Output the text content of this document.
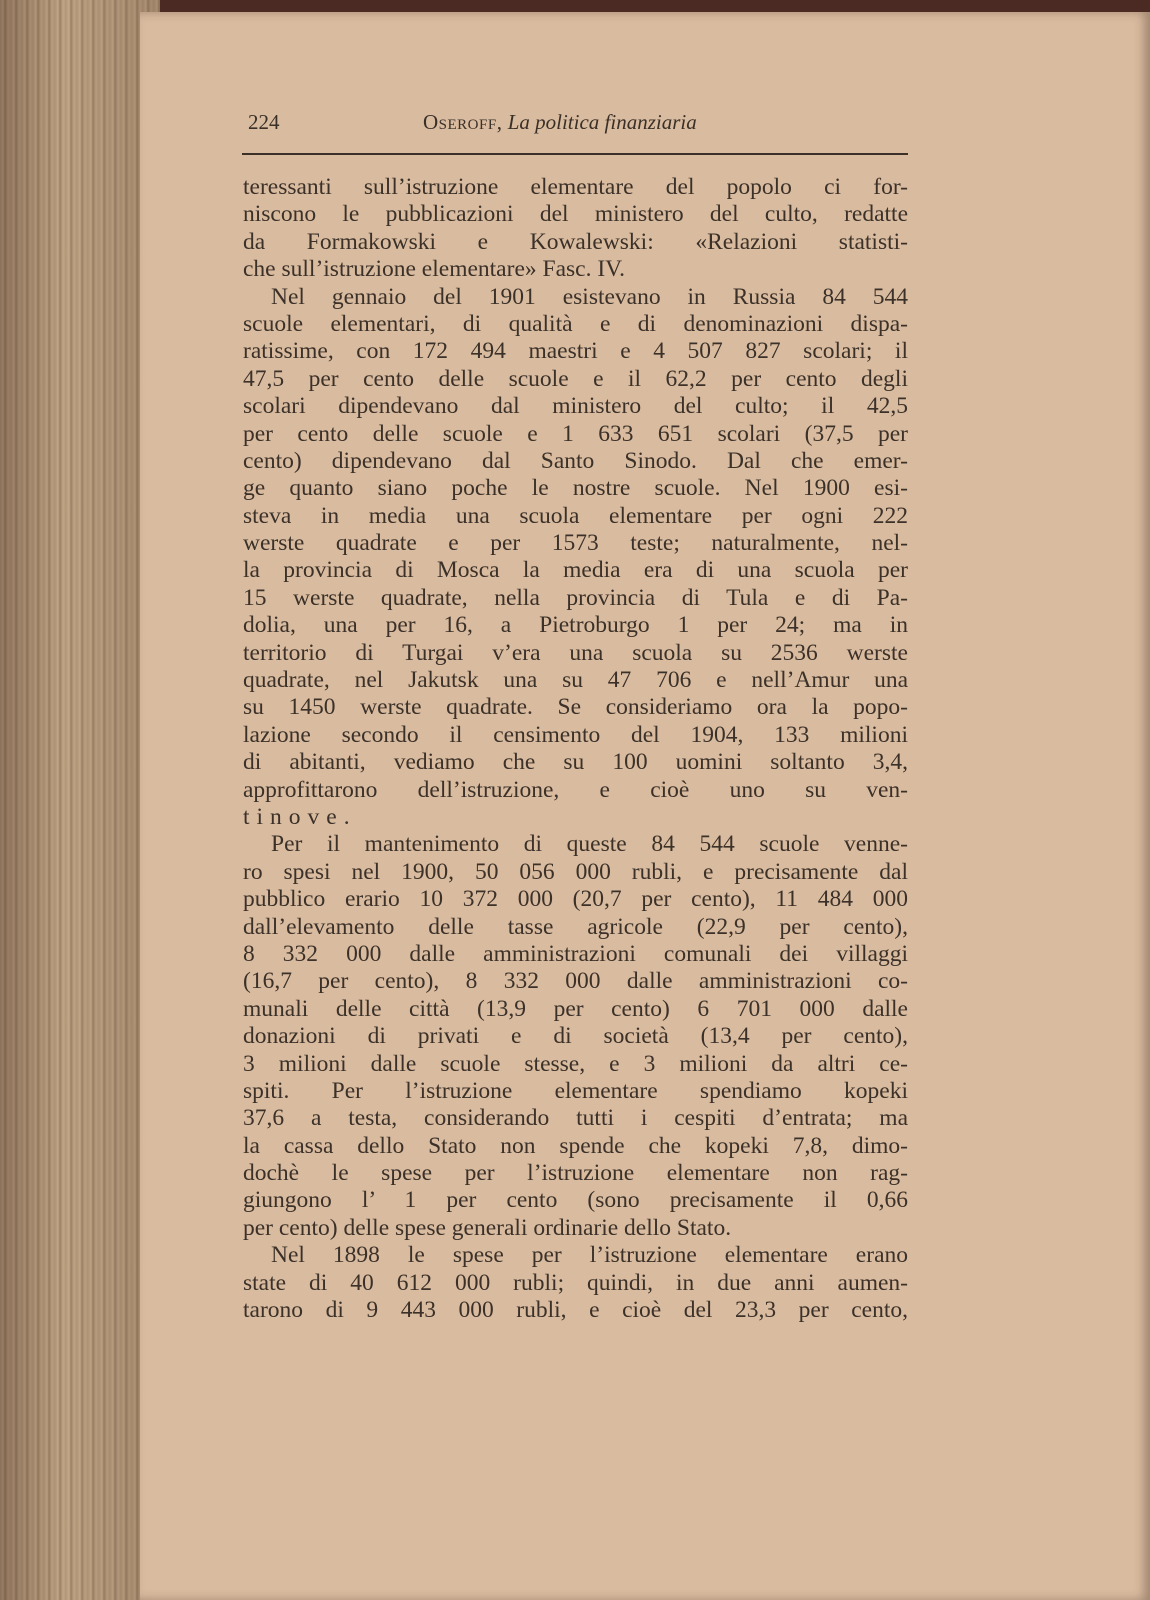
224	Oseroff, La politica finanziaria
teressanti sull’istruzione elementare del popolo ci for-
niscono le pubblicazioni del ministero del culto, redatte
da Formakowski e Kowalewski: «Relazioni statisti-
che sull’istruzione elementare» Fasc. IV.
Nel gennaio del 1901 esistevano in Russia 84 544
scuole elementari, di qualità e di denominazioni dispa-
ratissime, con 172 494 maestri e 4 507 827 scolari; il
47,5 per cento delle scuole e il 62,2 per cento degli
scolari dipendevano dal ministero del culto; il 42,5
per cento delle scuole e 1 633 651 scolari (37,5 per
cento) dipendevano dal Santo Sinodo. Dal che emer-
ge quanto siano poche le nostre scuole. Nel 1900 esi-
steva in media una scuola elementare per ogni 222
werste quadrate e per 1573 teste; naturalmente, nel-
la provincia di Mosca la media era di una scuola per
15 werste quadrate, nella provincia di Tula e di Pa-
dolia, una per 16, a Pietroburgo 1 per 24; ma in
territorio di Turgai v’era una scuola su 2536 werste
quadrate, nel Jakutsk una su 47 706 e nell’Amur una
su 1450 werste quadrate. Se consideriamo ora la popo-
lazione secondo il censimento del 1904, 133 milioni
di abitanti, vediamo che su 100 uomini soltanto 3,4,
approfittarono dell’istruzione, e cioè uno su ven-
tinove.
Per il mantenimento di queste 84 544 scuole venne-
ro spesi nel 1900, 50 056 000 rubli, e precisamente dal
pubblico erario 10 372 000 (20,7 per cento), 11 484 000
dall’elevamento delle tasse agricole (22,9 per cento),
8 332 000 dalle amministrazioni comunali dei villaggi
(16,7 per cento), 8 332 000 dalle amministrazioni co-
munali delle città (13,9 per cento) 6 701 000 dalle
donazioni di privati e di società (13,4 per cento),
3 milioni dalle scuole stesse, e 3 milioni da altri ce-
spiti. Per l’istruzione elementare spendiamo kopeki
37,6 a testa, considerando tutti i cespiti d’entrata; ma
la cassa dello Stato non spende che kopeki 7,8, dimo-
dochè le spese per l’istruzione elementare non rag-
giungono l’ 1 per cento (sono precisamente il 0,66
per cento) delle spese generali ordinarie dello Stato.
Nel 1898 le spese per l’istruzione elementare erano
state di 40 612 000 rubli; quindi, in due anni aumen-
tarono di 9 443 000 rubli, e cioè del 23,3 per cento,
